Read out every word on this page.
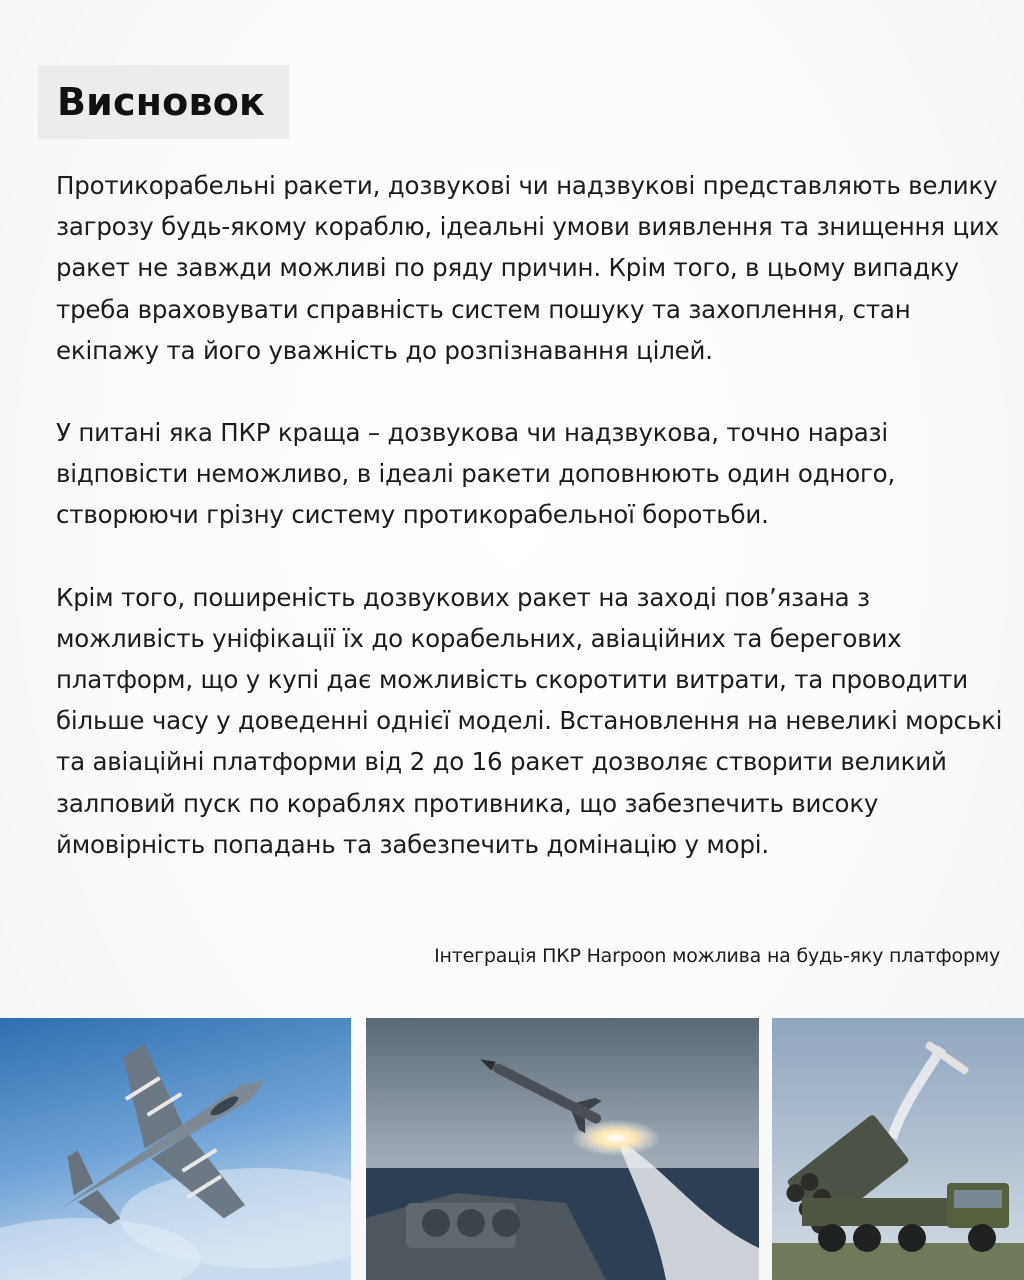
Висновок

Протикорабельні ракети, дозвукові чи надзвукові представляють велику загрозу будь-якому кораблю, ідеальні умови виявлення та знищення цих ракет не завжди можливі по ряду причин. Крім того, в цьому випадку треба враховувати справність систем пошуку та захоплення, стан екіпажу та його уважність до розпізнавання цілей.

У питані яка ПКР краща – дозвукова чи надзвукова, точно наразі відповісти неможливо, в ідеалі ракети доповнюють один одного, створюючи грізну систему протикорабельної боротьби.

Крім того, поширеність дозвукових ракет на заході пов’язана з можливість уніфікації їх до корабельних, авіаційних та берегових платформ, що у купі дає можливість скоротити витрати, та проводити більше часу у доведенні однієї моделі. Встановлення на невеликі морські та авіаційні платформи від 2 до 16 ракет дозволяє створити великий залповий пуск по кораблях противника, що забезпечить високу ймовірність попадань та забезпечить домінацію у морі.

Інтеграція ПКР Harpoon можлива на будь-яку платформу
